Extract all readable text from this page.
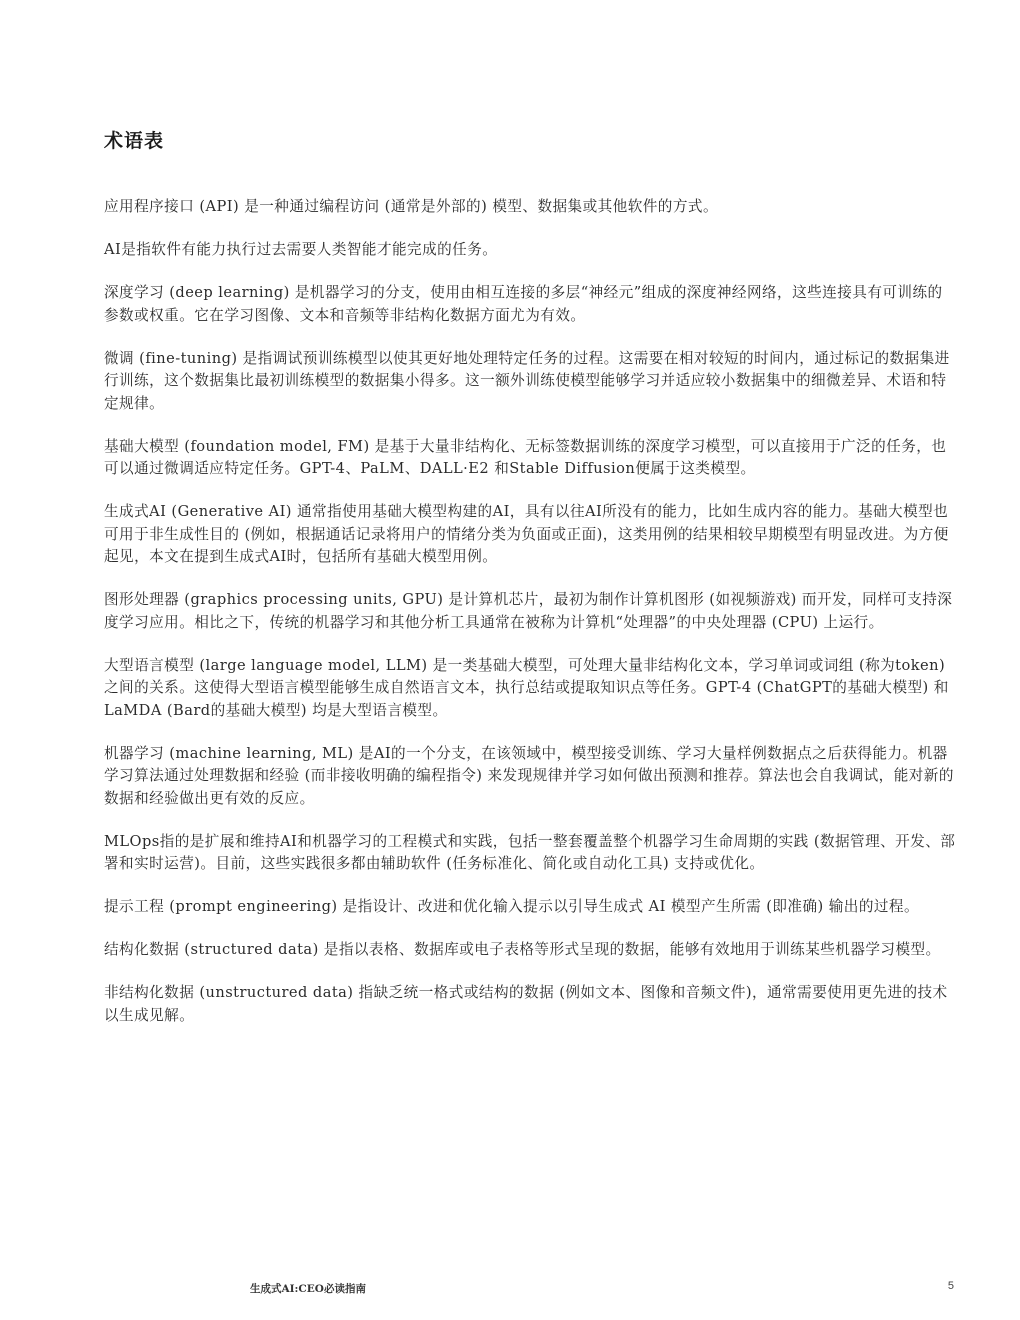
术语表

应用程序接口 (API) 是一种通过编程访问 (通常是外部的) 模型、数据集或其他软件的方式。

AI是指软件有能力执行过去需要人类智能才能完成的任务。

深度学习 (deep learning) 是机器学习的分支，使用由相互连接的多层“神经元”组成的深度神经网络，这些连接具有可训练的参数或权重。它在学习图像、文本和音频等非结构化数据方面尤为有效。

微调 (fine-tuning) 是指调试预训练模型以使其更好地处理特定任务的过程。这需要在相对较短的时间内，通过标记的数据集进行训练，这个数据集比最初训练模型的数据集小得多。这一额外训练使模型能够学习并适应较小数据集中的细微差异、术语和特定规律。

基础大模型 (foundation model, FM) 是基于大量非结构化、无标签数据训练的深度学习模型，可以直接用于广泛的任务，也可以通过微调适应特定任务。GPT-4、PaLM、DALL·E2 和Stable Diffusion便属于这类模型。

生成式AI (Generative AI) 通常指使用基础大模型构建的AI，具有以往AI所没有的能力，比如生成内容的能力。基础大模型也可用于非生成性目的 (例如，根据通话记录将用户的情绪分类为负面或正面)，这类用例的结果相较早期模型有明显改进。为方便起见，本文在提到生成式AI时，包括所有基础大模型用例。

图形处理器 (graphics processing units, GPU) 是计算机芯片，最初为制作计算机图形 (如视频游戏) 而开发，同样可支持深度学习应用。相比之下，传统的机器学习和其他分析工具通常在被称为计算机“处理器”的中央处理器 (CPU) 上运行。

大型语言模型 (large language model, LLM) 是一类基础大模型，可处理大量非结构化文本，学习单词或词组 (称为token) 之间的关系。这使得大型语言模型能够生成自然语言文本，执行总结或提取知识点等任务。GPT-4 (ChatGPT的基础大模型) 和LaMDA (Bard的基础大模型) 均是大型语言模型。

机器学习 (machine learning, ML) 是AI的一个分支，在该领域中，模型接受训练、学习大量样例数据点之后获得能力。机器学习算法通过处理数据和经验 (而非接收明确的编程指令) 来发现规律并学习如何做出预测和推荐。算法也会自我调试，能对新的数据和经验做出更有效的反应。

MLOps指的是扩展和维持AI和机器学习的工程模式和实践，包括一整套覆盖整个机器学习生命周期的实践 (数据管理、开发、部署和实时运营)。目前，这些实践很多都由辅助软件 (任务标准化、简化或自动化工具) 支持或优化。

提示工程 (prompt engineering) 是指设计、改进和优化输入提示以引导生成式 AI 模型产生所需 (即准确) 输出的过程。

结构化数据 (structured data) 是指以表格、数据库或电子表格等形式呈现的数据，能够有效地用于训练某些机器学习模型。

非结构化数据 (unstructured data) 指缺乏统一格式或结构的数据 (例如文本、图像和音频文件)，通常需要使用更先进的技术以生成见解。

生成式AI:CEO必读指南	5
